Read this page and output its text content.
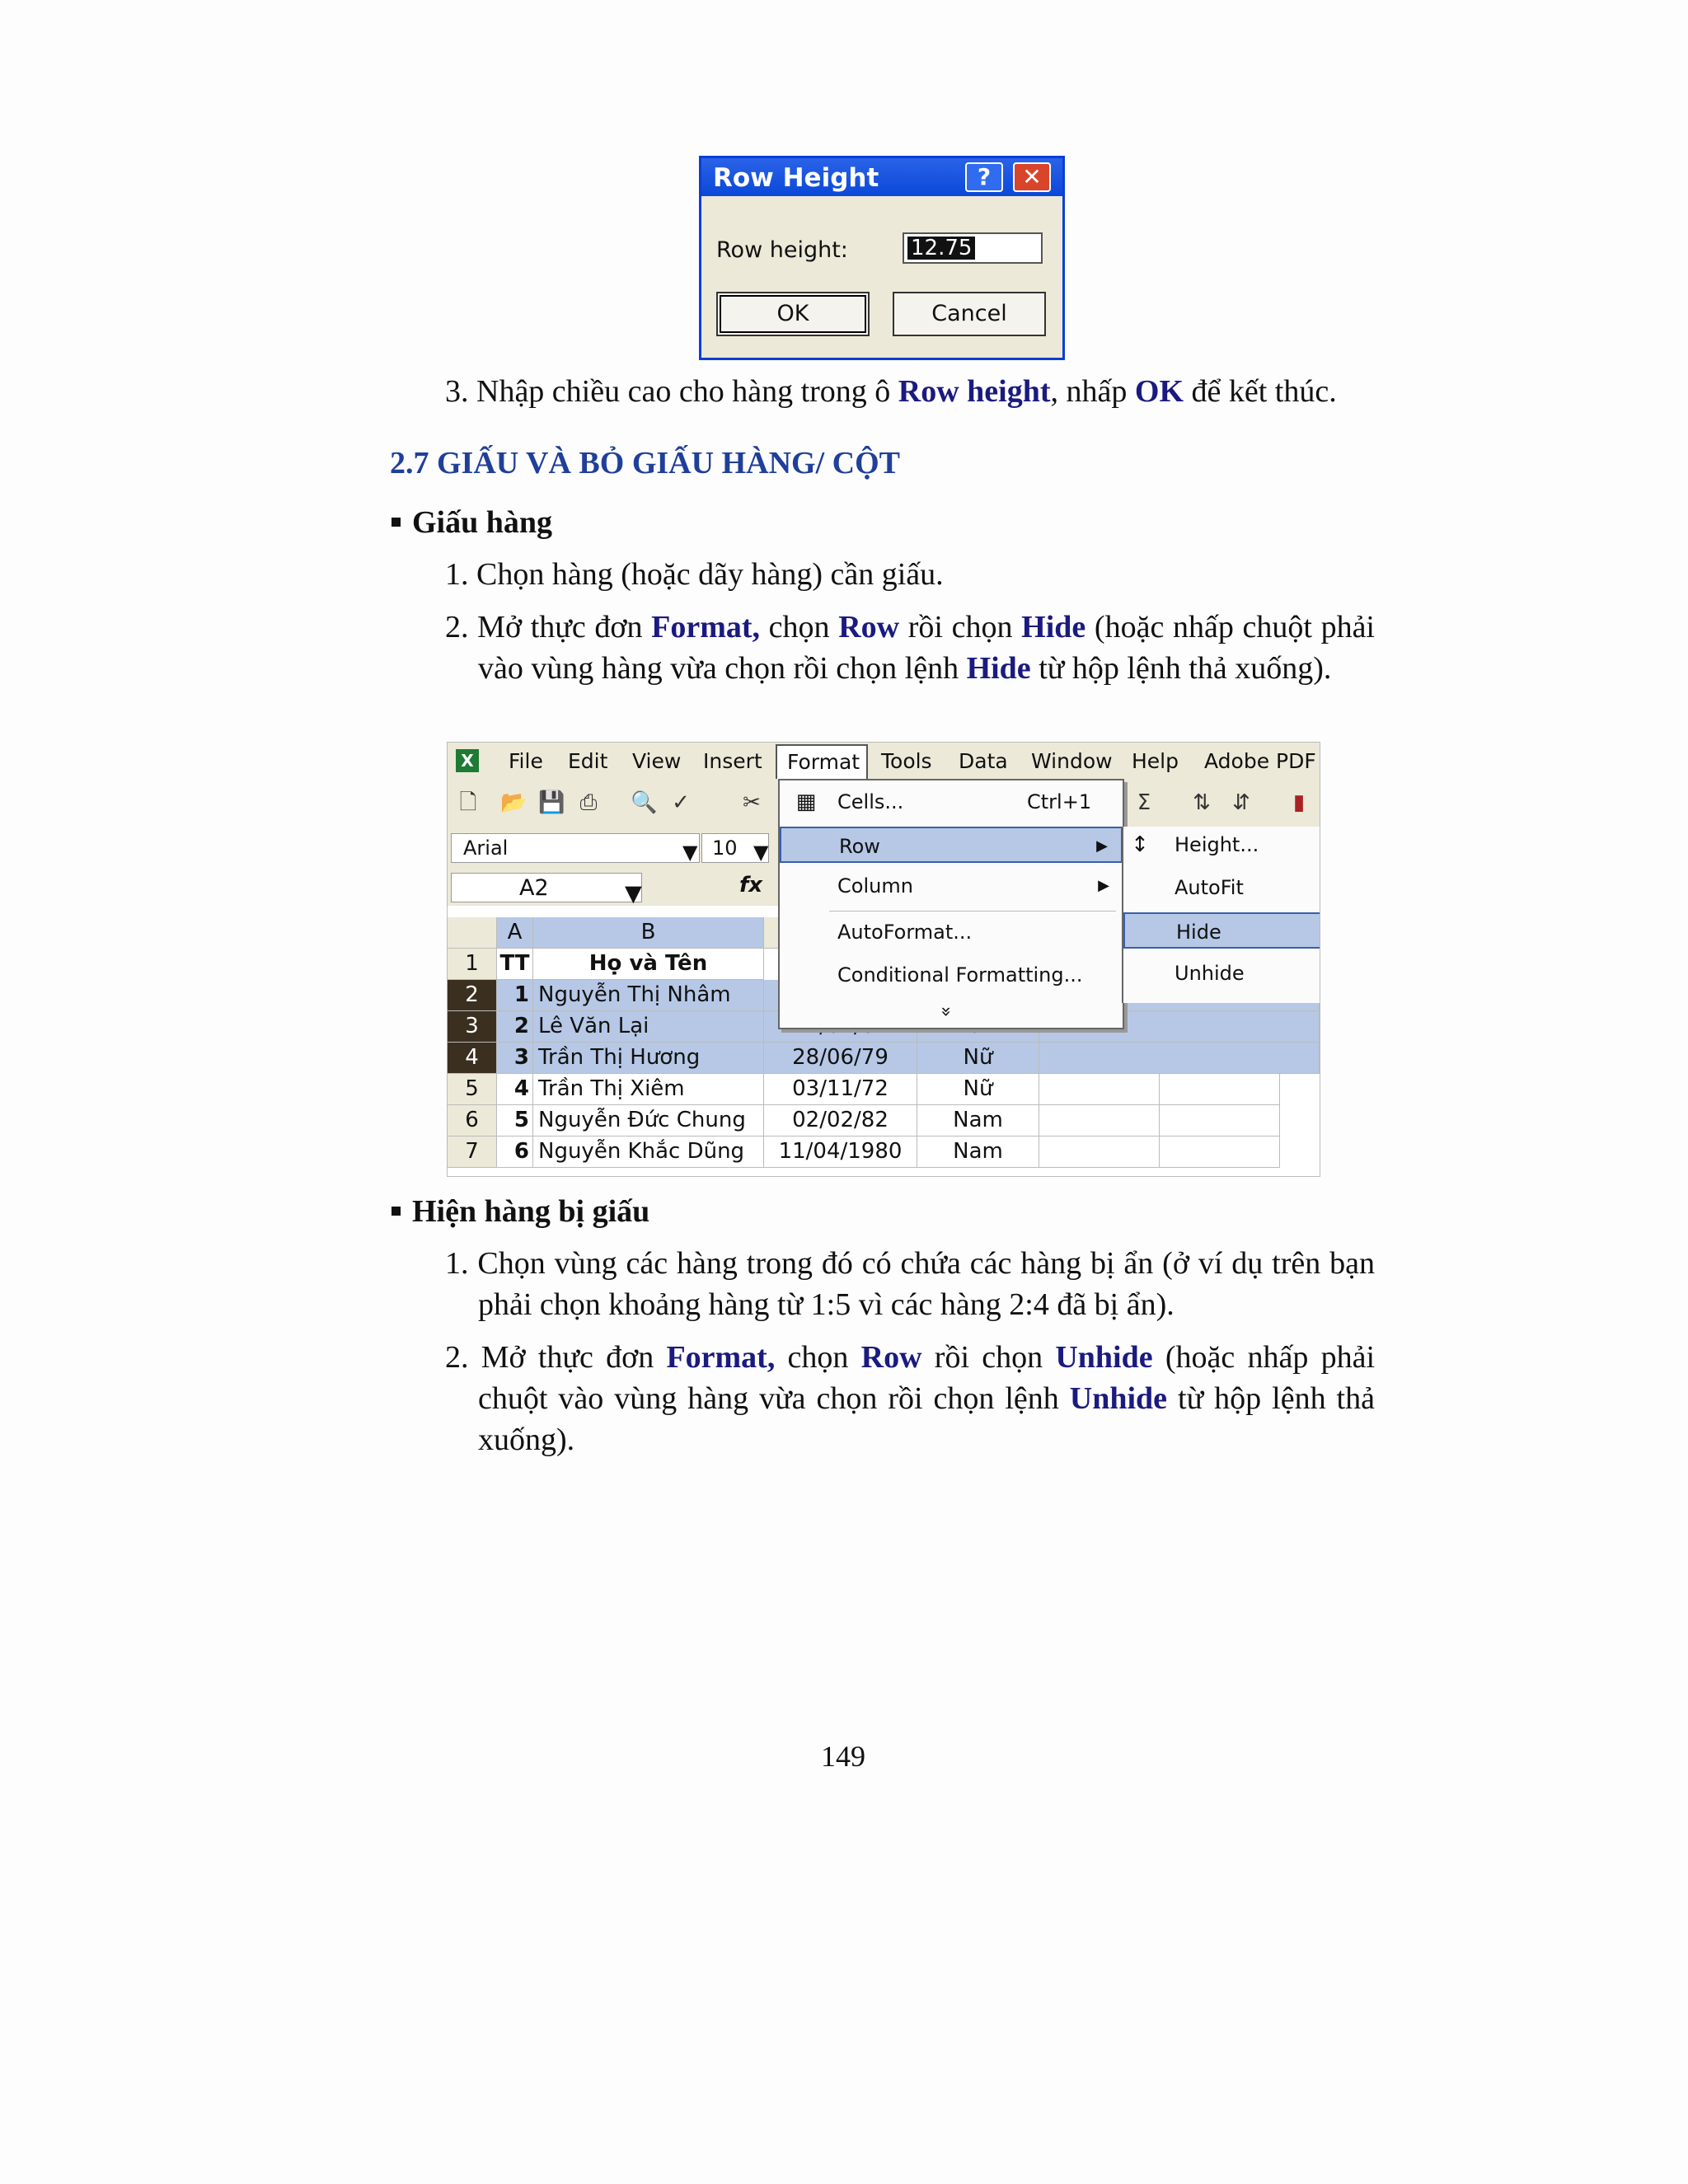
Row Height	?	✕
Row height:	12.75
OK	Cancel
3. Nhập chiều cao cho hàng trong ô Row height, nhấp OK để kết thúc.
2.7 GIẤU VÀ BỎ GIẤU HÀNG/ CỘT
Giấu hàng
1. Chọn hàng (hoặc dãy hàng) cần giấu.
2. Mở thực đơn Format, chọn Row rồi chọn Hide (hoặc nhấp chuột phải vào vùng hàng vừa chọn rồi chọn lệnh Hide từ hộp lệnh thả xuống).
X File Edit View Insert Format Tools Data Window Help Adobe PDF
🗋 📂 💾 ⎙ 🔍 ✓ ✂	Σ ⇅ ⇵	▮
Arial	▼ 10 ▼
A2	▼	fx
A	B
1 TT	Họ và Tên
2	1 Nguyễn Thị Nhâm
3	2 Lê Văn Lại
4	3 Trần Thị Hương	28/06/79	Nữ
5	4 Trần Thị Xiêm	03/11/72	Nữ
6	5 Nguyễn Đức Chung	02/02/82	Nam
7	6 Nguyễn Khắc Dũng	11/04/1980	Nam
▦ Cells...	Ctrl+1
Row	▶
Column	▶
AutoFormat...
Conditional Formatting...
»
↕ Height...
AutoFit
Hide
Unhide
Hiện hàng bị giấu
1. Chọn vùng các hàng trong đó có chứa các hàng bị ẩn (ở ví dụ trên bạn phải chọn khoảng hàng từ 1:5 vì các hàng 2:4 đã bị ẩn).
2. Mở thực đơn Format, chọn Row rồi chọn Unhide (hoặc nhấp phải chuột vào vùng hàng vừa chọn rồi chọn lệnh Unhide từ hộp lệnh thả xuống).
149
